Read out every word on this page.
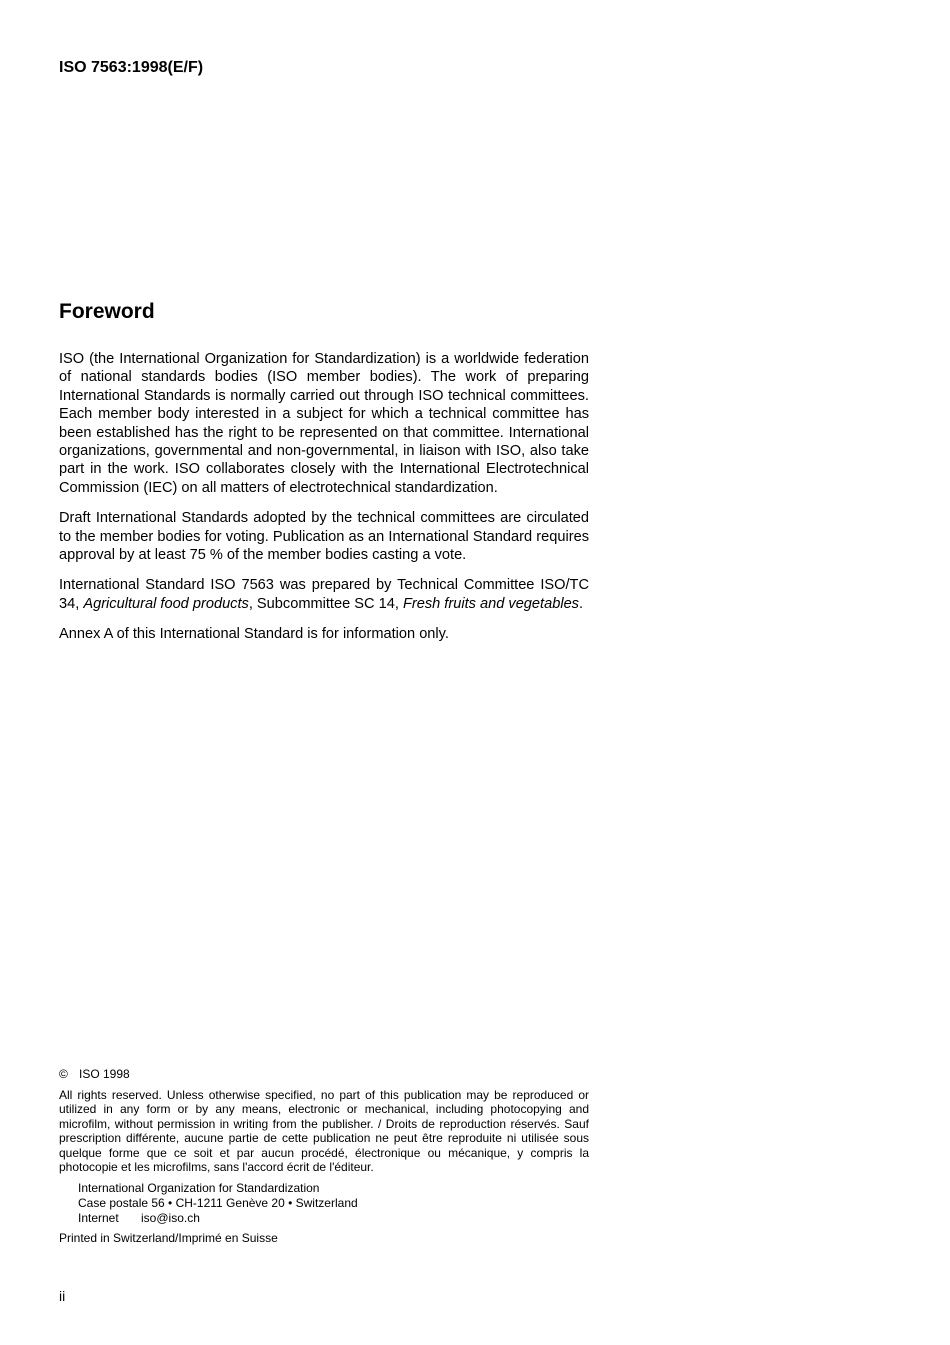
ISO 7563:1998(E/F)
Foreword

ISO (the International Organization for Standardization) is a worldwide federation of national standards bodies (ISO member bodies). The work of preparing International Standards is normally carried out through ISO technical committees. Each member body interested in a subject for which a technical committee has been established has the right to be represented on that committee. International organizations, governmental and non-governmental, in liaison with ISO, also take part in the work. ISO collaborates closely with the International Electrotechnical Commission (IEC) on all matters of electrotechnical standardization.

Draft International Standards adopted by the technical committees are circulated to the member bodies for voting. Publication as an International Standard requires approval by at least 75 % of the member bodies casting a vote.

International Standard ISO 7563 was prepared by Technical Committee ISO/TC 34, Agricultural food products, Subcommittee SC 14, Fresh fruits and vegetables.

Annex A of this International Standard is for information only.

© ISO 1998
All rights reserved. Unless otherwise specified, no part of this publication may be reproduced or utilized in any form or by any means, electronic or mechanical, including photocopying and microfilm, without permission in writing from the publisher. / Droits de reproduction réservés. Sauf prescription différente, aucune partie de cette publication ne peut être reproduite ni utilisée sous quelque forme que ce soit et par aucun procédé, électronique ou mécanique, y compris la photocopie et les microfilms, sans l'accord écrit de l'éditeur.
International Organization for Standardization
Case postale 56 • CH-1211 Genève 20 • Switzerland
Internet iso@iso.ch
Printed in Switzerland/Imprimé en Suisse
ii
